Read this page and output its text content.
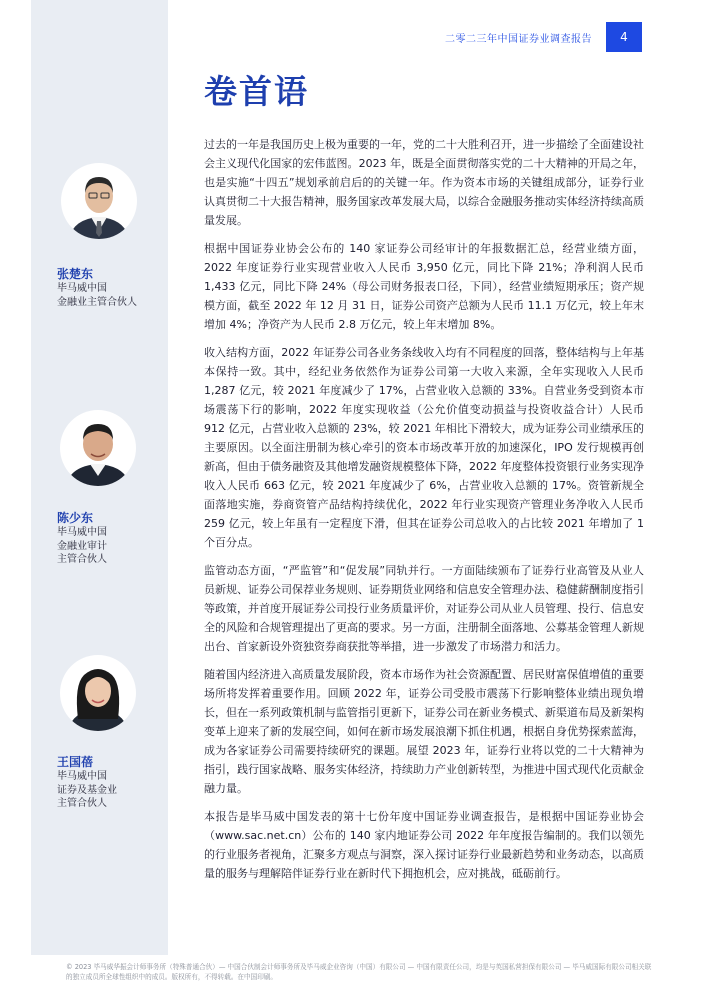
二零二三年中国证券业调查报告 4
卷首语
张楚东
毕马威中国
金融业主管合伙人
陈少东
毕马威中国
金融业审计
主管合伙人
王国蓓
毕马威中国
证券及基金业
主管合伙人

过去的一年是我国历史上极为重要的一年，党的二十大胜利召开，进一步描绘了全面建设社会主义现代化国家的宏伟蓝图。2023 年，既是全面贯彻落实党的二十大精神的开局之年，也是实施“十四五”规划承前启后的的关键一年。作为资本市场的关键组成部分，证券行业认真贯彻二十大报告精神，服务国家改革发展大局，以综合金融服务推动实体经济持续高质量发展。

根据中国证券业协会公布的 140 家证券公司经审计的年报数据汇总，经营业绩方面，2022 年度证券行业实现营业收入人民币 3,950 亿元，同比下降 21%；净利润人民币 1,433 亿元，同比下降 24%（母公司财务报表口径，下同），经营业绩短期承压；资产规模方面，截至 2022 年 12 月 31 日，证券公司资产总额为人民币 11.1 万亿元，较上年末增加 4%；净资产为人民币 2.8 万亿元，较上年末增加 8%。

收入结构方面，2022 年证券公司各业务条线收入均有不同程度的回落，整体结构与上年基本保持一致。其中，经纪业务依然作为证券公司第一大收入来源，全年实现收入人民币 1,287 亿元，较 2021 年度减少了 17%，占营业收入总额的 33%。自营业务受到资本市场震荡下行的影响，2022 年度实现收益（公允价值变动损益与投资收益合计）人民币 912 亿元，占营业收入总额的 23%，较 2021 年相比下滑较大，成为证券公司业绩承压的主要原因。以全面注册制为核心牵引的资本市场改革开放的加速深化，IPO 发行规模再创新高，但由于债务融资及其他增发融资规模整体下降，2022 年度整体投资银行业务实现净收入人民币 663 亿元，较 2021 年度减少了 6%，占营业收入总额的 17%。资管新规全面落地实施，券商资管产品结构持续优化，2022 年行业实现资产管理业务净收入人民币 259 亿元，较上年虽有一定程度下滑，但其在证券公司总收入的占比较 2021 年增加了 1 个百分点。

监管动态方面，“严监管”和“促发展”同轨并行。一方面陆续颁布了证券行业高管及从业人员新规、证券公司保荐业务规则、证券期货业网络和信息安全管理办法、稳健薪酬制度指引等政策，并首度开展证券公司投行业务质量评价，对证券公司从业人员管理、投行、信息安全的风险和合规管理提出了更高的要求。另一方面，注册制全面落地、公募基金管理人新规出台、首家新设外资独资券商获批等举措，进一步激发了市场潜力和活力。

随着国内经济进入高质量发展阶段，资本市场作为社会资源配置、居民财富保值增值的重要场所将发挥着重要作用。回顾 2022 年，证券公司受股市震荡下行影响整体业绩出现负增长，但在一系列政策机制与监管指引更新下，证券公司在新业务模式、新渠道布局及新架构变革上迎来了新的发展空间，如何在新市场发展浪潮下抓住机遇，根据自身优势探索蓝海，成为各家证券公司需要持续研究的课题。展望 2023 年，证券行业将以党的二十大精神为指引，践行国家战略、服务实体经济，持续助力产业创新转型，为推进中国式现代化贡献金融力量。

本报告是毕马威中国发表的第十七份年度中国证券业调查报告，是根据中国证券业协会（www.sac.net.cn）公布的 140 家内地证券公司 2022 年年度报告编制的。我们以领先的行业服务者视角，汇聚多方观点与洞察，深入探讨证券行业最新趋势和业务动态，以高质量的服务与理解陪伴证券行业在新时代下拥抱机会，应对挑战，砥砺前行。

© 2023 毕马威华振会计师事务所（特殊普通合伙）— 中国合伙制会计师事务所及毕马威企业咨询（中国）有限公司 — 中国有限责任公司，均是与英国私营担保有限公司 — 毕马威国际有限公司相关联的独立成员所全球性组织中的成员。版权所有，不得转载。在中国印刷。
